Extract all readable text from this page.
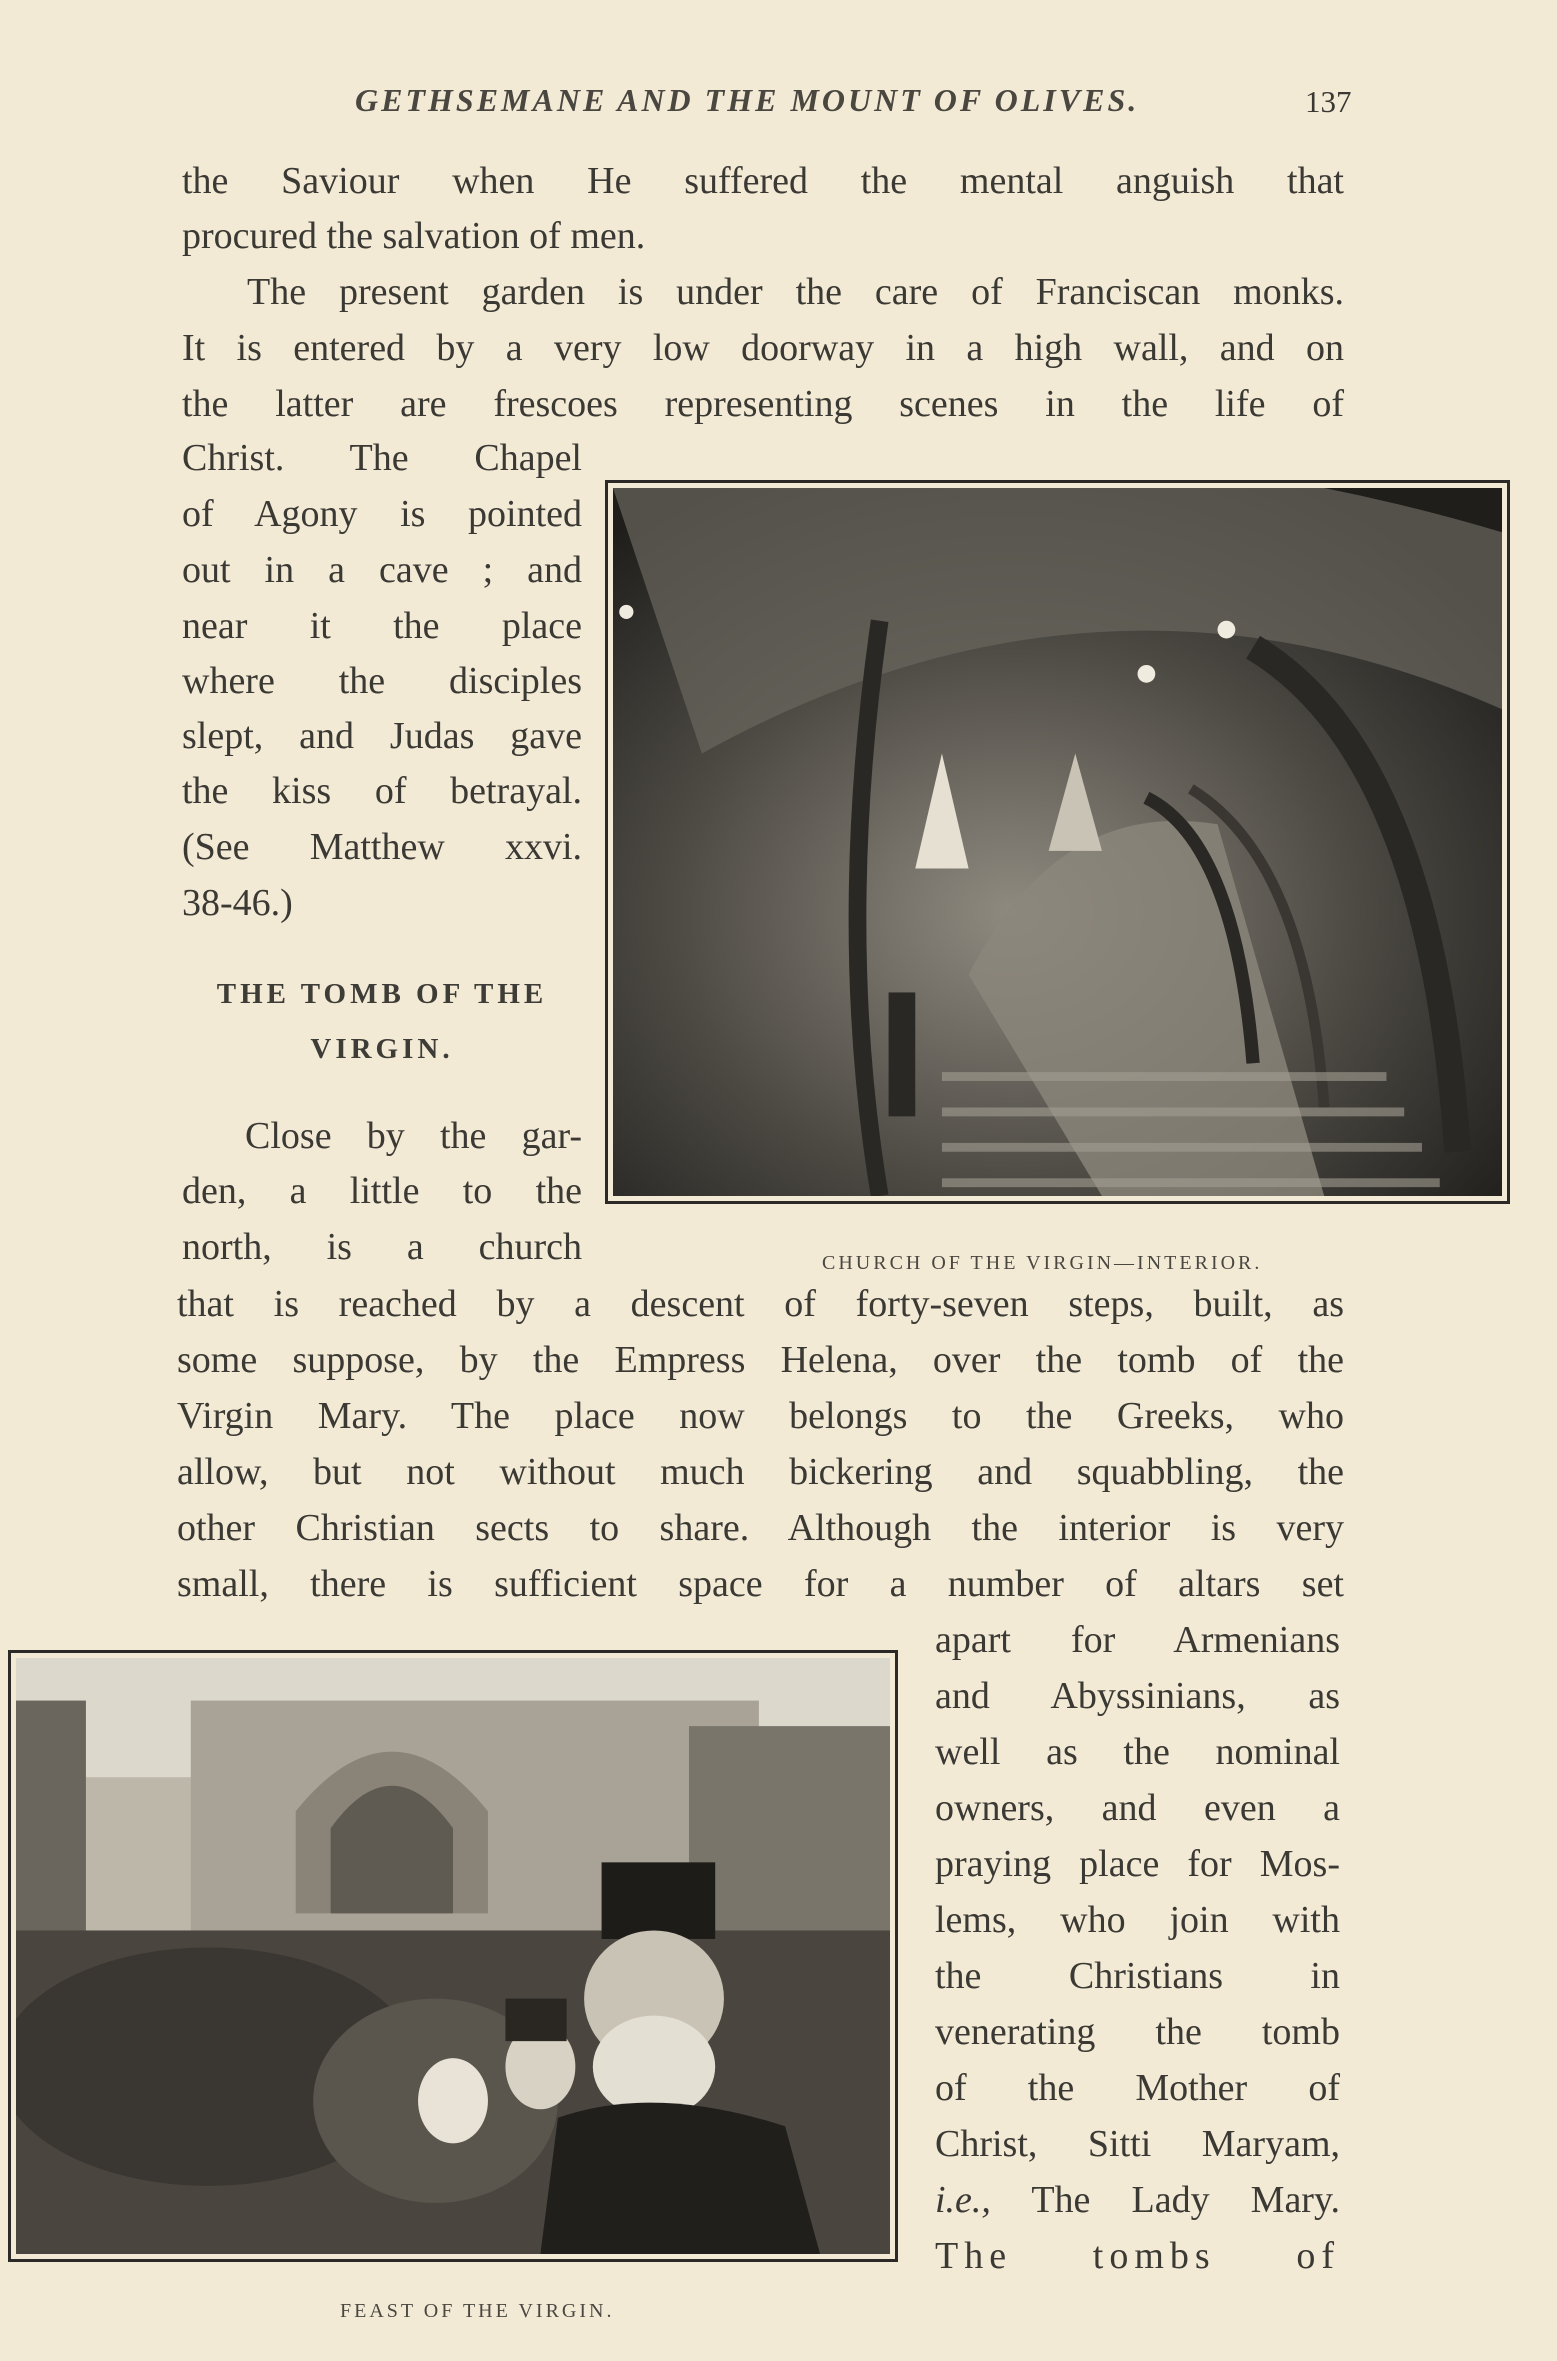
GETHSEMANE AND THE MOUNT OF OLIVES.	137

the Saviour when He suffered the mental anguish that

procured the salvation of men.

The present garden is under the care of Franciscan monks.

It is entered by a very low doorway in a high wall, and on

the latter are frescoes representing scenes in the life of

Christ. The Chapel

of Agony is pointed

out in a cave ; and

near it the place

where the disciples

slept, and Judas gave

the kiss of betrayal.

(See Matthew xxvi.

38-46.)

THE TOMB OF THE
VIRGIN.

Close by the gar-

den, a little to the

north, is a church	CHURCH OF THE VIRGIN—INTERIOR.

that is reached by a descent of forty-seven steps, built, as

some suppose, by the Empress Helena, over the tomb of the

Virgin Mary. The place now belongs to the Greeks, who

allow, but not without much bickering and squabbling, the

other Christian sects to share. Although the interior is very

small, there is sufficient space for a number of altars set

FEAST OF THE VIRGIN.

apart for Armenians

and Abyssinians, as

well as the nominal

owners, and even a

praying place for Mos-

lems, who join with

the Christians in

venerating the tomb

of the Mother of

Christ, Sitti Maryam,

i.e., The Lady Mary.

The tombs of
